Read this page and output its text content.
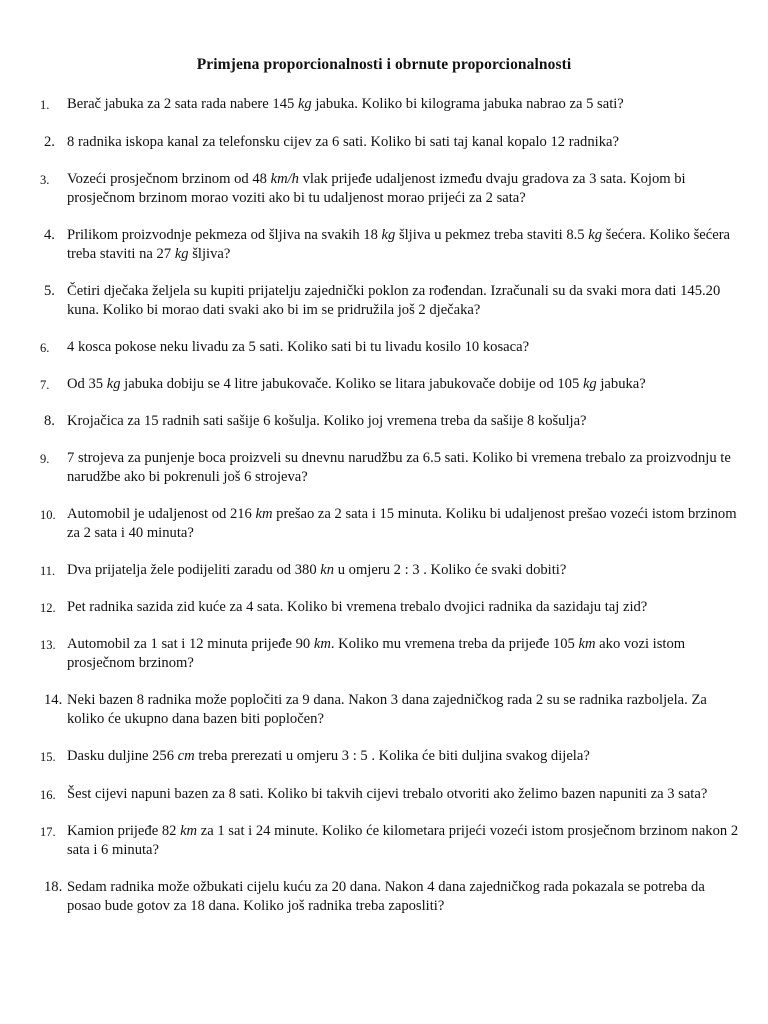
Primjena proporcionalnosti i obrnute proporcionalnosti
1.	Berač jabuka za 2 sata rada nabere 145 kg jabuka. Koliko bi kilograma jabuka nabrao za 5 sati?
2. 8 radnika iskopa kanal za telefonsku cijev za 6 sati. Koliko bi sati taj kanal kopalo 12 radnika?
3.	Vozeći prosječnom brzinom od 48 km/h vlak prijeđe udaljenost između dvaju gradova za 3 sata. Kojom bi prosječnom brzinom morao voziti ako bi tu udaljenost morao prijeći za 2 sata?
4. Prilikom proizvodnje pekmeza od šljiva na svakih 18 kg šljiva u pekmez treba staviti 8.5 kg šećera. Koliko šećera treba staviti na 27 kg šljiva?
5. Četiri dječaka željela su kupiti prijatelju zajednički poklon za rođendan. Izračunali su da svaki mora dati 145.20 kuna. Koliko bi morao dati svaki ako bi im se pridružila još 2 dječaka?
6.	4 kosca pokose neku livadu za 5 sati. Koliko sati bi tu livadu kosilo 10 kosaca?
7.	Od 35 kg jabuka dobiju se 4 litre jabukovače. Koliko se litara jabukovače dobije od 105 kg jabuka?
8. Krojačica za 15 radnih sati sašije 6 košulja. Koliko joj vremena treba da sašije 8 košulja?
9.	7 strojeva za punjenje boca proizveli su dnevnu narudžbu za 6.5 sati. Koliko bi vremena trebalo za proizvodnju te narudžbe ako bi pokrenuli još 6 strojeva?
10. Automobil je udaljenost od 216 km prešao za 2 sata i 15 minuta. Koliku bi udaljenost prešao vozeći istom brzinom za 2 sata i 40 minuta?
11. Dva prijatelja žele podijeliti zaradu od 380 kn u omjeru 2 : 3 . Koliko će svaki dobiti?
12. Pet radnika sazida zid kuće za 4 sata. Koliko bi vremena trebalo dvojici radnika da sazidaju taj zid?
13. Automobil za 1 sat i 12 minuta prijeđe 90 km. Koliko mu vremena treba da prijeđe 105 km ako vozi istom prosječnom brzinom?
14. Neki bazen 8 radnika može popločiti za 9 dana. Nakon 3 dana zajedničkog rada 2 su se radnika razboljela. Za koliko će ukupno dana bazen biti popločen?
15. Dasku duljine 256 cm treba prerezati u omjeru 3 : 5 . Kolika će biti duljina svakog dijela?
16. Šest cijevi napuni bazen za 8 sati. Koliko bi takvih cijevi trebalo otvoriti ako želimo bazen napuniti za 3 sata?
17. Kamion prijeđe 82 km za 1 sat i 24 minute. Koliko će kilometara prijeći vozeći istom prosječnom brzinom nakon 2 sata i 6 minuta?
18. Sedam radnika može ožbukati cijelu kuću za 20 dana. Nakon 4 dana zajedničkog rada pokazala se potreba da posao bude gotov za 18 dana. Koliko još radnika treba zaposliti?
